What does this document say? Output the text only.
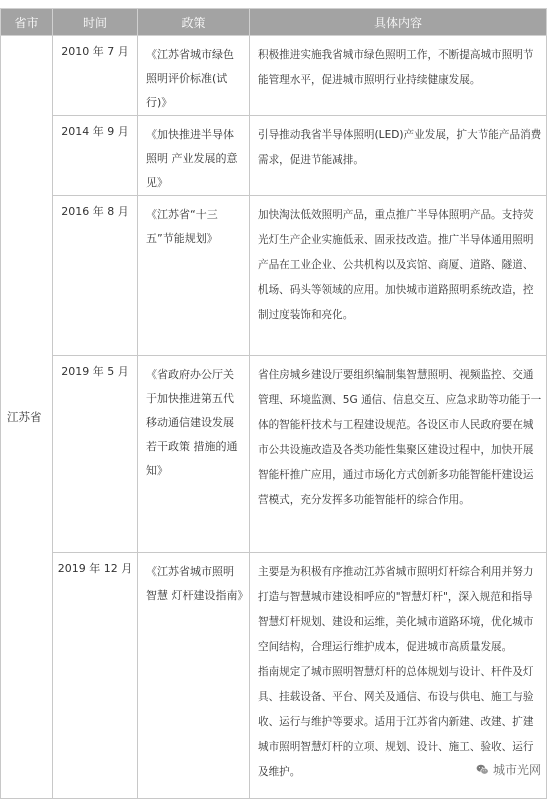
省市	时间	政策	具体内容
江苏省	2010 年 7 月	《江苏省城市绿色照明评价标准(试行)》	积极推进实施我省城市绿色照明工作，不断提高城市照明节能管理水平，促进城市照明行业持续健康发展。
	2014 年 9 月	《加快推进半导体照明 产业发展的意见》	引导推动我省半导体照明(LED)产业发展，扩大节能产品消费需求，促进节能减排。
	2016 年 8 月	《江苏省“十三五”节能规划》	加快淘汰低效照明产品，重点推广半导体照明产品。支持荧光灯生产企业实施低汞、固汞技改造。推广半导体通用照明产品在工业企业、公共机构以及宾馆、商厦、道路、隧道、机场、码头等领域的应用。加快城市道路照明系统改造，控制过度装饰和亮化。
	2019 年 5 月	《省政府办公厅关于加快推进第五代移动通信建设发展若干政策 措施的通知》	省住房城乡建设厅要组织编制集智慧照明、视频监控、交通管理、环境监测、5G 通信、信息交互、应急求助等功能于一体的智能杆技术与工程建设规范。各设区市人民政府要在城市公共设施改造及各类功能性集聚区建设过程中，加快开展智能杆推广应用，通过市场化方式创新多功能智能杆建设运营模式，充分发挥多功能智能杆的综合作用。
	2019 年 12 月	《江苏省城市照明智慧 灯杆建设指南》	主要是为积极有序推动江苏省城市照明灯杆综合利用并努力打造与智慧城市建设相呼应的"智慧灯杆"，深入规范和指导智慧灯杆规划、建设和运维，美化城市道路环境，优化城市空间结构，合理运行维护成本，促进城市高质量发展。
指南规定了城市照明智慧灯杆的总体规划与设计、杆件及灯具、挂载设备、平台、网关及通信、布设与供电、施工与验收、运行与维护等要求。适用于江苏省内新建、改建、扩建城市照明智慧灯杆的立项、规划、设计、施工、验收、运行及维护。	城市光网
